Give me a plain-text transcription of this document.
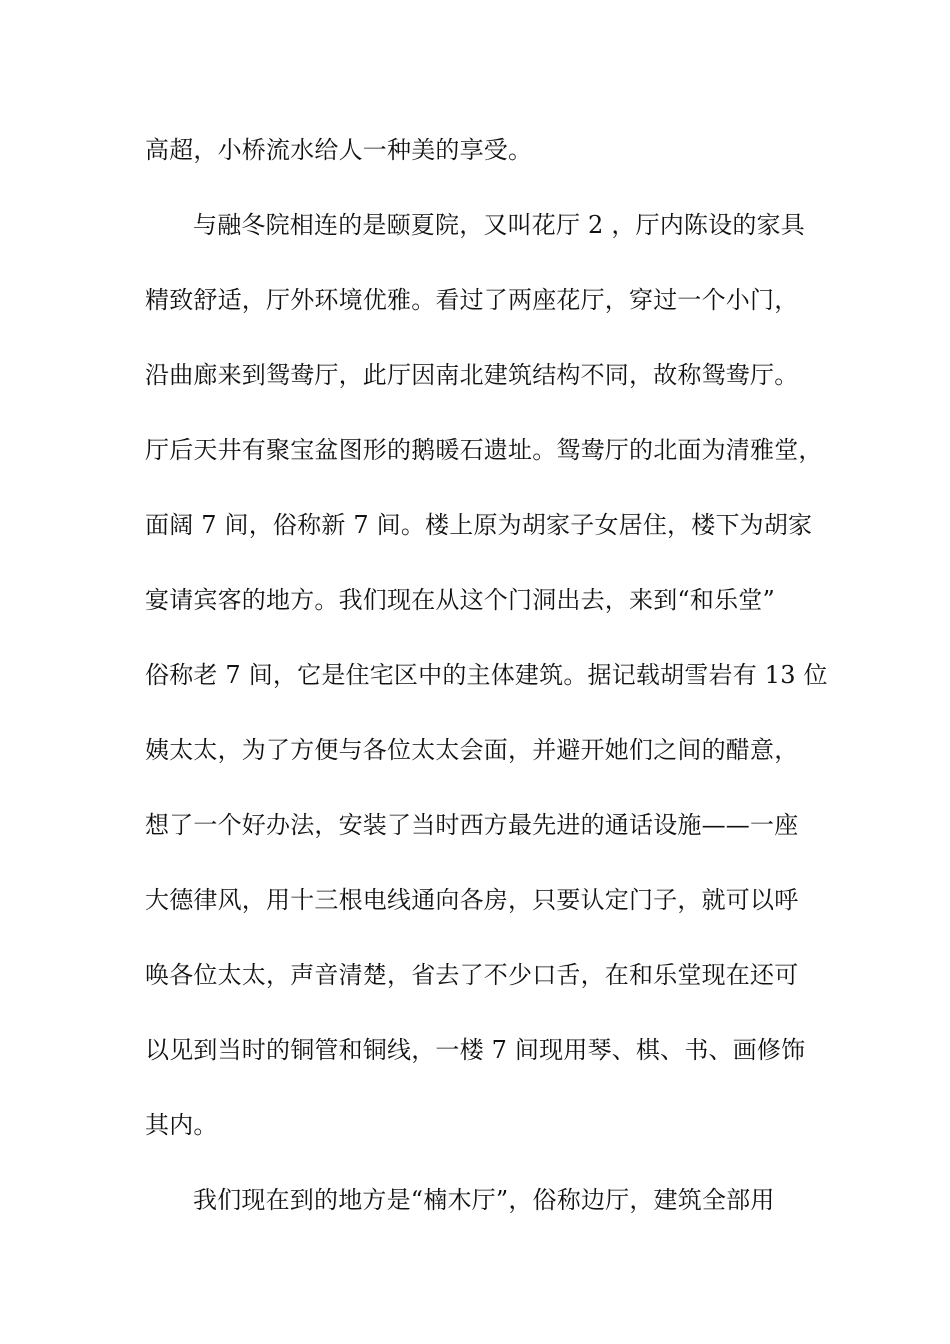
高超，小桥流水给人一种美的享受。
与融冬院相连的是颐夏院，又叫花厅 2 ，厅内陈设的家具
精致舒适，厅外环境优雅。看过了两座花厅，穿过一个小门，
沿曲廊来到鸳鸯厅，此厅因南北建筑结构不同，故称鸳鸯厅。
厅后天井有聚宝盆图形的鹅暖石遗址。鸳鸯厅的北面为清雅堂，
面阔 7 间，俗称新 7 间。楼上原为胡家子女居住，楼下为胡家
宴请宾客的地方。我们现在从这个门洞出去，来到“和乐堂”
俗称老 7 间，它是住宅区中的主体建筑。据记载胡雪岩有 13 位
姨太太，为了方便与各位太太会面，并避开她们之间的醋意，
想了一个好办法，安装了当时西方最先进的通话设施——一座
大德律风，用十三根电线通向各房，只要认定门子，就可以呼
唤各位太太，声音清楚，省去了不少口舌，在和乐堂现在还可
以见到当时的铜管和铜线，一楼 7 间现用琴、棋、书、画修饰
其内。
我们现在到的地方是“楠木厅”，俗称边厅，建筑全部用
